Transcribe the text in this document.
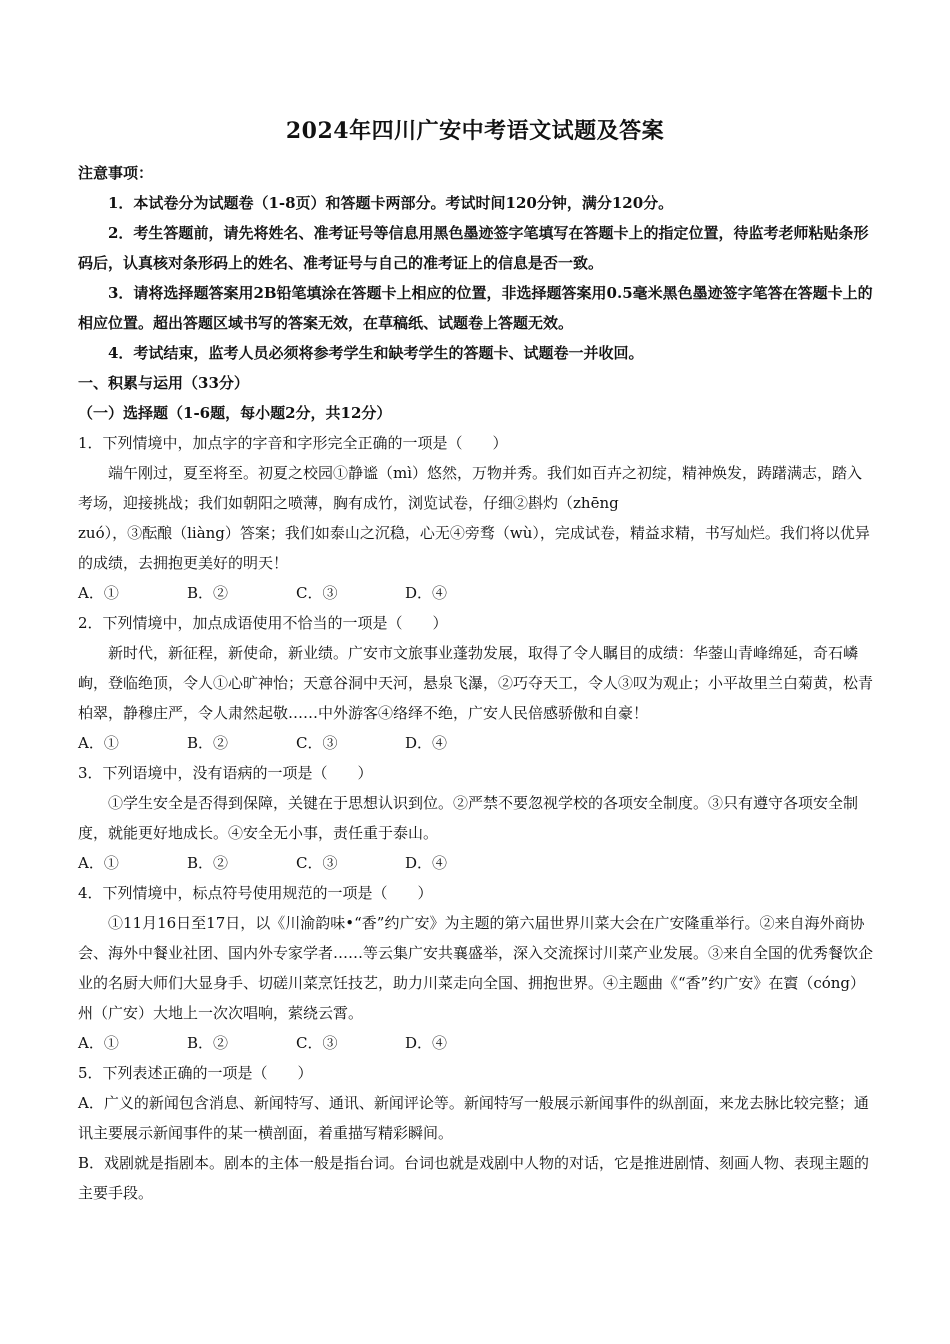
2024年四川广安中考语文试题及答案

注意事项：

1．本试卷分为试题卷（1-8页）和答题卡两部分。考试时间120分钟，满分120分。

2．考生答题前，请先将姓名、准考证号等信息用黑色墨迹签字笔填写在答题卡上的指定位置，待监考老师粘贴条形码后，认真核对条形码上的姓名、准考证号与自己的准考证上的信息是否一致。

3．请将选择题答案用2B铅笔填涂在答题卡上相应的位置，非选择题答案用0.5毫米黑色墨迹签字笔答在答题卡上的相应位置。超出答题区域书写的答案无效，在草稿纸、试题卷上答题无效。

4．考试结束，监考人员必须将参考学生和缺考学生的答题卡、试题卷一并收回。

一、积累与运用（33分）

（一）选择题（1-6题，每小题2分，共12分）

1．下列情境中，加点字的字音和字形完全正确的一项是（　　）

端午刚过，夏至将至。初夏之校园①静谧（mì）悠然，万物并秀。我们如百卉之初绽，精神焕发，踌躇满志，踏入考场，迎接挑战；我们如朝阳之喷薄，胸有成竹，浏览试卷，仔细②斟灼（zhēng

zuó），③酝酿（liàng）答案；我们如泰山之沉稳，心无④旁骛（wù），完成试卷，精益求精，书写灿烂。我们将以优异的成绩，去拥抱更美好的明天！

A．①	B．②	C．③	D．④

2．下列情境中，加点成语使用不恰当的一项是（　　）

新时代，新征程，新使命，新业绩。广安市文旅事业蓬勃发展，取得了令人瞩目的成绩：华蓥山青峰绵延，奇石嶙峋，登临绝顶，令人①心旷神怡；天意谷洞中天河，悬泉飞瀑，②巧夺天工，令人③叹为观止；小平故里兰白菊黄，松青柏翠，静穆庄严，令人肃然起敬……中外游客④络绎不绝，广安人民倍感骄傲和自豪！

A．①	B．②	C．③	D．④

3．下列语境中，没有语病的一项是（　　）

①学生安全是否得到保障，关键在于思想认识到位。②严禁不要忽视学校的各项安全制度。③只有遵守各项安全制度，就能更好地成长。④安全无小事，责任重于泰山。

A．①	B．②	C．③	D．④

4．下列情境中，标点符号使用规范的一项是（　　）

①11月16日至17日，以《川渝韵味•“香”约广安》为主题的第六届世界川菜大会在广安隆重举行。②来自海外商协会、海外中餐业社团、国内外专家学者……等云集广安共襄盛举，深入交流探讨川菜产业发展。③来自全国的优秀餐饮企业的名厨大师们大显身手、切磋川菜烹饪技艺，助力川菜走向全国、拥抱世界。④主题曲《“香”约广安》在賨（cóng）州（广安）大地上一次次唱响，萦绕云霄。

A．①	B．②	C．③	D．④

5．下列表述正确的一项是（　　）

A．广义的新闻包含消息、新闻特写、通讯、新闻评论等。新闻特写一般展示新闻事件的纵剖面，来龙去脉比较完整；通讯主要展示新闻事件的某一横剖面，着重描写精彩瞬间。

B．戏剧就是指剧本。剧本的主体一般是指台词。台词也就是戏剧中人物的对话，它是推进剧情、刻画人物、表现主题的主要手段。
